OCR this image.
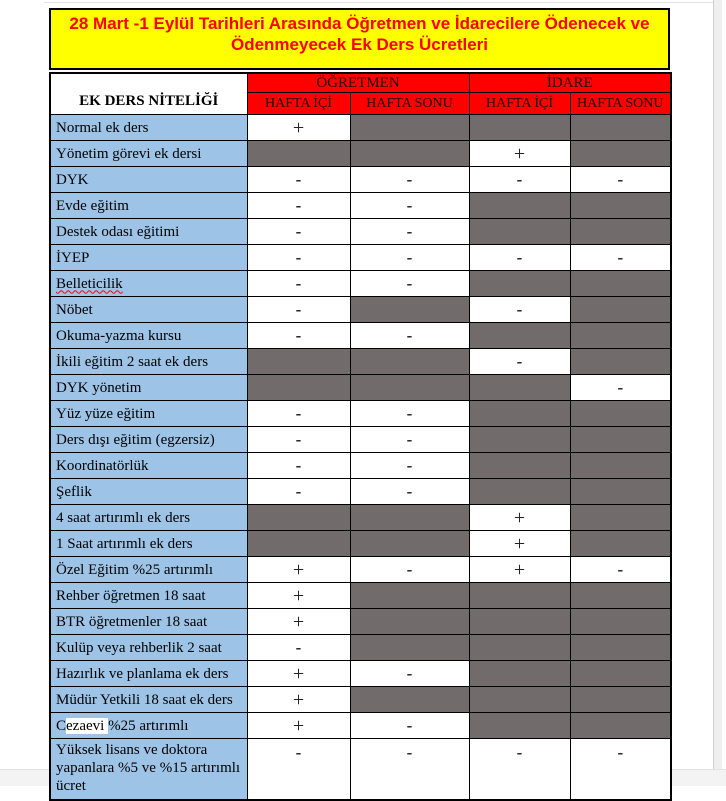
28 Mart -1 Eylül Tarihleri Arasında Öğretmen ve İdarecilere Ödenecek ve Ödenmeyecek Ek Ders Ücretleri
EK DERS NİTELİĞİ	ÖĞRETMEN		İDARE	
	HAFTA İÇİ	HAFTA SONU	HAFTA İÇİ	HAFTA SONU
Normal ek ders	+			
Yönetim görevi ek dersi			+	
DYK	-	-	-	-
Evde eğitim	-	-		
Destek odası eğitimi	-	-		
İYEP	-	-	-	-
Belleticilik	-	-		
Nöbet	-		-	
Okuma-yazma kursu	-	-		
İkili eğitim 2 saat ek ders			-	
DYK yönetim				-
Yüz yüze eğitim	-	-		
Ders dışı eğitim (egzersiz)	-	-		
Koordinatörlük	-	-		
Şeflik	-	-		
4 saat artırımlı ek ders			+	
1 Saat artırımlı ek ders			+	
Özel Eğitim %25 artırımlı	+	-	+	-
Rehber öğretmen 18 saat	+			
BTR öğretmenler 18 saat	+			
Kulüp veya rehberlik 2 saat	-			
Hazırlık ve planlama ek ders	+	-		
Müdür Yetkili 18 saat ek ders	+			
Cezaevi %25 artırımlı	+	-		
Yüksek lisans ve doktora yapanlara %5 ve %15 artırımlı ücret	-	-	-	-
